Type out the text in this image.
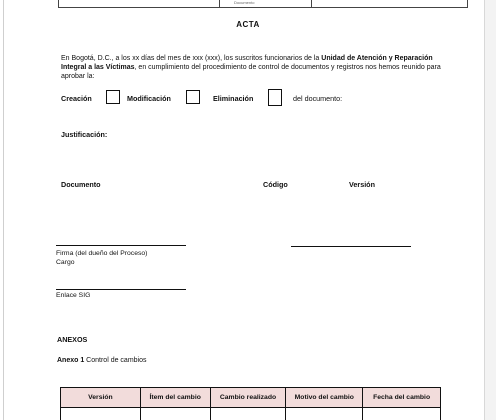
Documento
ACTA
En Bogotá, D.C., a los xx días del mes de xxx (xxx), los suscritos funcionarios de la Unidad de Atención y Reparación Integral a las Víctimas, en cumplimiento del procedimiento de control de documentos y registros nos hemos reunido para aprobar la:
Creación	Modificación	Eliminación	del documento:
Justificación:
Documento	Código	Versión
Firma (del dueño del Proceso)
Cargo
Enlace SIG
ANEXOS
Anexo 1 Control de cambios
Versión	Ítem del cambio	Cambio realizado	Motivo del cambio	Fecha del cambio
